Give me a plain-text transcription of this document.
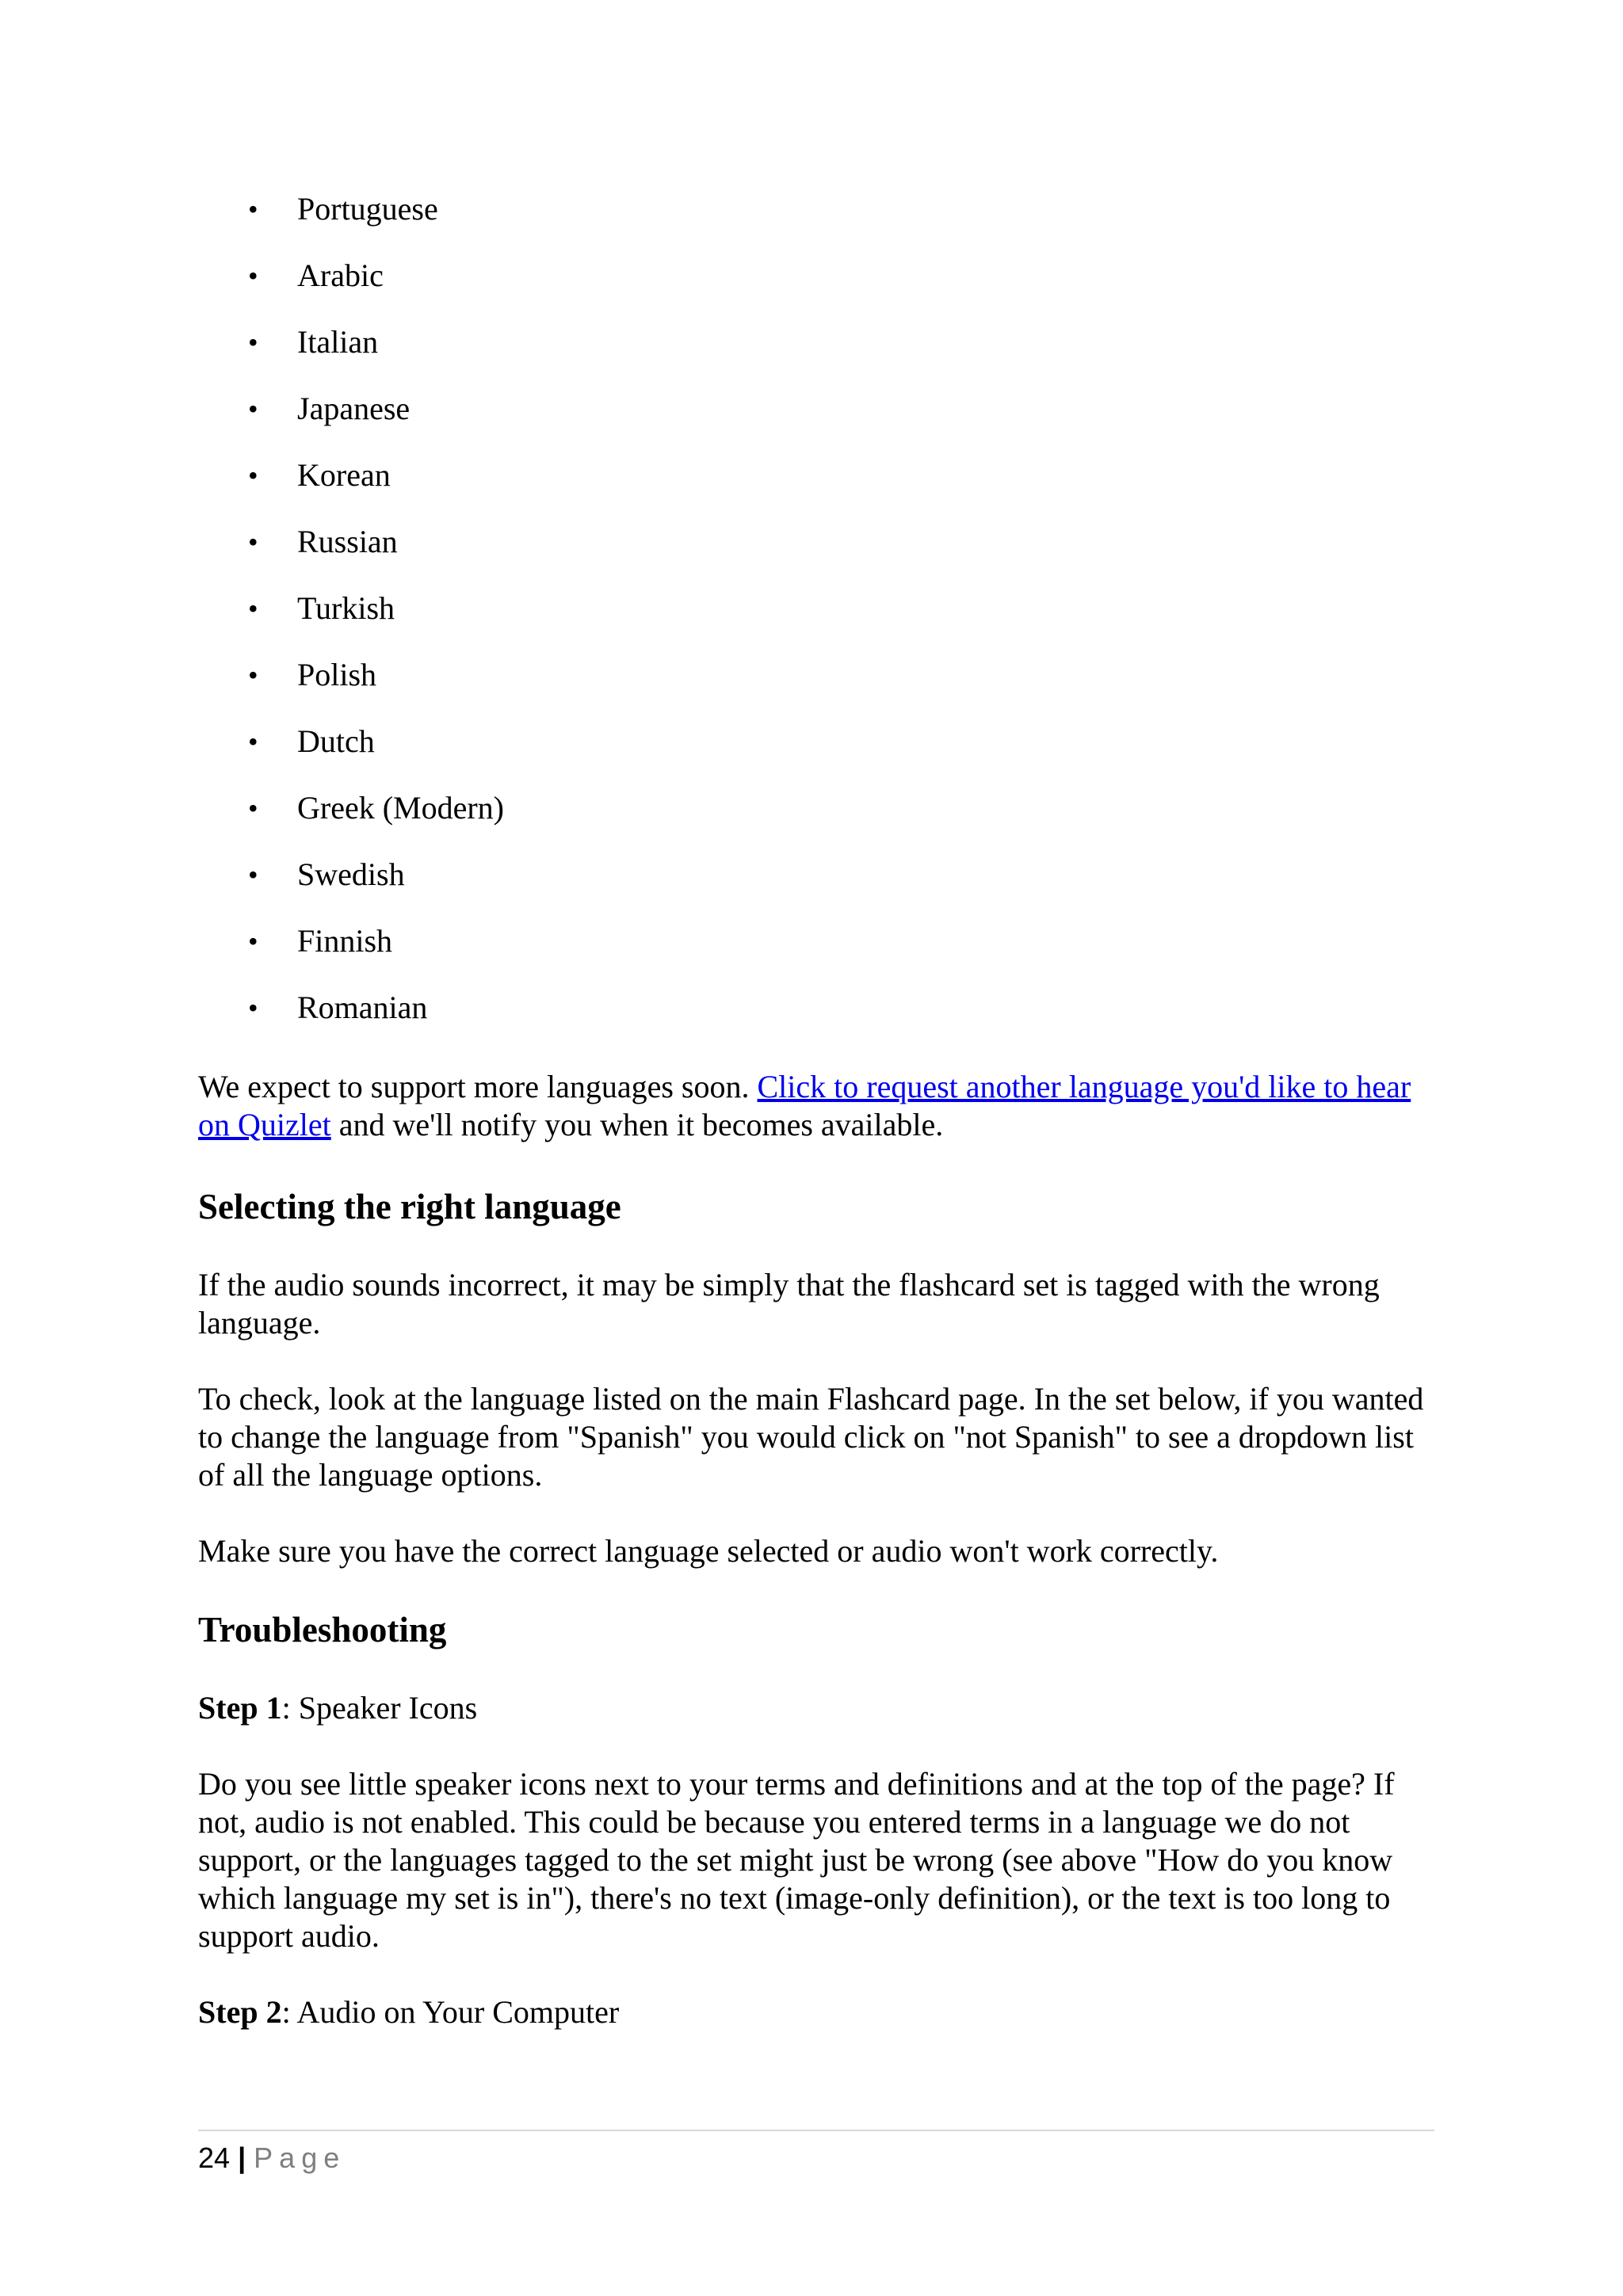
• Portuguese
• Arabic
• Italian
• Japanese
• Korean
• Russian
• Turkish
• Polish
• Dutch
• Greek (Modern)
• Swedish
• Finnish
• Romanian

We expect to support more languages soon. Click to request another language you'd like to hear on Quizlet and we'll notify you when it becomes available.

Selecting the right language

If the audio sounds incorrect, it may be simply that the flashcard set is tagged with the wrong language.

To check, look at the language listed on the main Flashcard page. In the set below, if you wanted to change the language from "Spanish" you would click on "not Spanish" to see a dropdown list of all the language options.

Make sure you have the correct language selected or audio won't work correctly.

Troubleshooting

Step 1: Speaker Icons

Do you see little speaker icons next to your terms and definitions and at the top of the page? If not, audio is not enabled. This could be because you entered terms in a language we do not support, or the languages tagged to the set might just be wrong (see above "How do you know which language my set is in"), there's no text (image-only definition), or the text is too long to support audio.

Step 2: Audio on Your Computer

24 | Page
